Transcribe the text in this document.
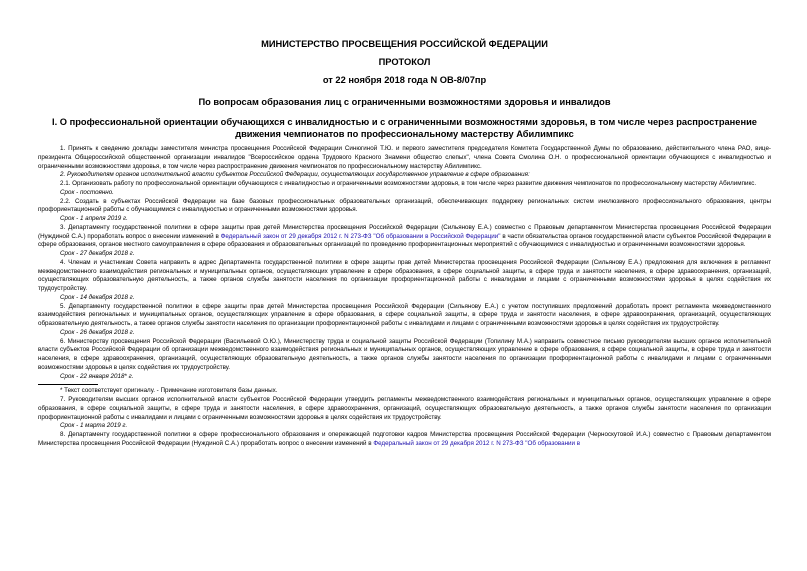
МИНИСТЕРСТВО ПРОСВЕЩЕНИЯ РОССИЙСКОЙ ФЕДЕРАЦИИ
ПРОТОКОЛ
от 22 ноября 2018 года N ОВ-8/07пр
По вопросам образования лиц с ограниченными возможностями здоровья и инвалидов
I. О профессиональной ориентации обучающихся с инвалидностью и с ограниченными возможностями здоровья, в том числе через распространение движения чемпионатов по профессиональному мастерству Абилимпикс

1. Принять к сведению доклады заместителя министра просвещения Российской Федерации Синюгиной Т.Ю. и первого заместителя председателя Комитета Государственной Думы по образованию, действительного члена РАО, вице-президента Общероссийской общественной организации инвалидов "Всероссийское ордена Трудового Красного Знамени общество слепых", члена Совета Смолина О.Н. о профессиональной ориентации обучающихся с инвалидностью и ограниченными возможностями здоровья, в том числе через распространение движения чемпионатов по профессиональному мастерству Абилимпикс.

2. Руководителям органов исполнительной власти субъектов Российской Федерации, осуществляющих государственное управление в сфере образования:

2.1. Организовать работу по профессиональной ориентации обучающихся с инвалидностью и ограниченными возможностями здоровья, в том числе через развитие движения чемпионатов по профессиональному мастерству Абилимпикс.

Срок - постоянно.

2.2. Создать в субъектах Российской Федерации на базе базовых профессиональных образовательных организаций, обеспечивающих поддержку региональных систем инклюзивного профессионального образования, центры профориентационной работы с обучающимися с инвалидностью и ограниченными возможностями здоровья.

Срок - 1 апреля 2019 г.

3. Департаменту государственной политики в сфере защиты прав детей Министерства просвещения Российской Федерации (Сильянову Е.А.) совместно с Правовым департаментом Министерства просвещения Российской Федерации (Нуждиной С.А.) проработать вопрос о внесении изменений в Федеральный закон от 29 декабря 2012 г. N 273-ФЗ "Об образовании в Российской Федерации" в части обязательства органов государственной власти субъектов Российской Федерации в сфере образования, органов местного самоуправления в сфере образования и образовательных организаций по проведению профориентационных мероприятий с обучающимися с инвалидностью и ограниченными возможностями здоровья.

Срок - 27 декабря 2018 г.

4. Членам и участникам Совета направить в адрес Департамента государственной политики в сфере защиты прав детей Министерства просвещения Российской Федерации (Сильянову Е.А.) предложения для включения в регламент межведомственного взаимодействия региональных и муниципальных органов, осуществляющих управление в сфере образования, в сфере социальной защиты, в сфере труда и занятости населения, в сфере здравоохранения, организаций, осуществляющих образовательную деятельность, а также органов службы занятости населения по организации профориентационной работы с инвалидами и лицами с ограниченными возможностями здоровья в целях содействия их трудоустройству.

Срок - 14 декабря 2018 г.

5. Департаменту государственной политики в сфере защиты прав детей Министерства просвещения Российской Федерации (Сильянову Е.А.) с учетом поступивших предложений доработать проект регламента межведомственного взаимодействия региональных и муниципальных органов, осуществляющих управление в сфере образования, в сфере социальной защиты, в сфере труда и занятости населения, в сфере здравоохранения, организаций, осуществляющих образовательную деятельность, а также органов службы занятости населения по организации профориентационной работы с инвалидами и лицами с ограниченными возможностями здоровья в целях содействия их трудоустройству.

Срок - 26 декабря 2018 г.

6. Министерству просвещения Российской Федерации (Васильевой О.Ю.), Министерству труда и социальной защиты Российской Федерации (Топилину М.А.) направить совместное письмо руководителям высших органов исполнительной власти субъектов Российской Федерации об организации межведомственного взаимодействия региональных и муниципальных органов, осуществляющих управление в сфере образования, в сфере социальной защиты, в сфере труда и занятости населения, в сфере здравоохранения, организаций, осуществляющих образовательную деятельность, а также органов службы занятости населения по организации профориентационной работы с инвалидами и лицами с ограниченными возможностями здоровья в целях содействия их трудоустройству.

Срок - 22 января 2018* г.

* Текст соответствует оригиналу. - Примечание изготовителя базы данных.

7. Руководителям высших органов исполнительной власти субъектов Российской Федерации утвердить регламенты межведомственного взаимодействия региональных и муниципальных органов, осуществляющих управление в сфере образования, в сфере социальной защиты, в сфере труда и занятости населения, в сфере здравоохранения, организаций, осуществляющих образовательную деятельность, а также органов службы занятости населения по организации профориентационной работы с инвалидами и лицами с ограниченными возможностями здоровья в целях содействия их трудоустройству.

Срок - 1 марта 2019 г.

8. Департаменту государственной политики в сфере профессионального образования и опережающей подготовки кадров Министерства просвещения Российской Федерации (Черноскутовой И.А.) совместно с Правовым департаментом Министерства просвещения Российской Федерации (Нуждиной С.А.) проработать вопрос о внесении изменений в Федеральный закон от 29 декабря 2012 г. N 273-ФЗ "Об образовании в
